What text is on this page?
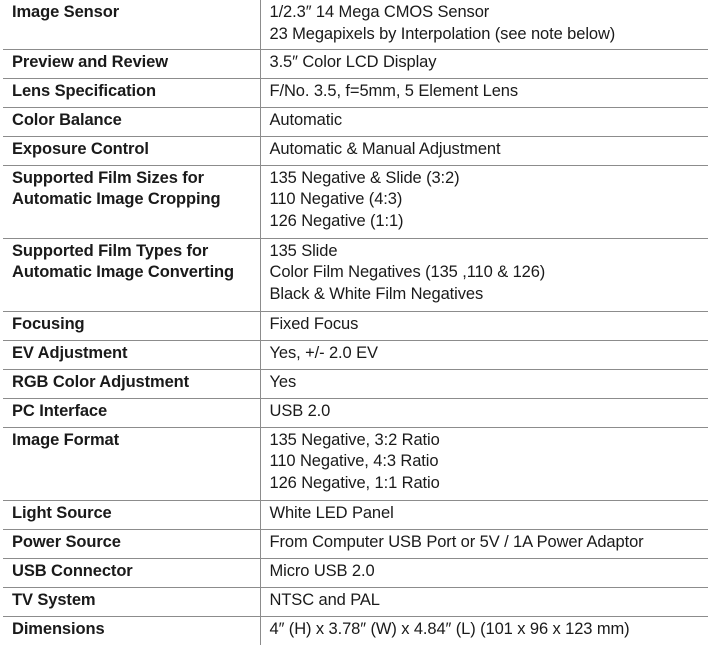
Image Sensor	1/2.3″ 14 Mega CMOS Sensor
23 Megapixels by Interpolation (see note below)

Preview and Review	3.5″ Color LCD Display

Lens Specification	F/No. 3.5, f=5mm, 5 Element Lens

Color Balance	Automatic

Exposure Control	Automatic & Manual Adjustment

Supported Film Sizes for
Automatic Image Cropping	135 Negative & Slide (3:2)
110 Negative (4:3)
126 Negative (1:1)

Supported Film Types for
Automatic Image Converting	135 Slide
Color Film Negatives (135 ,110 & 126)
Black & White Film Negatives

Focusing	Fixed Focus

EV Adjustment	Yes, +/- 2.0 EV

RGB Color Adjustment	Yes

PC Interface	USB 2.0

Image Format	135 Negative, 3:2 Ratio
110 Negative, 4:3 Ratio
126 Negative, 1:1 Ratio

Light Source	White LED Panel

Power Source	From Computer USB Port or 5V / 1A Power Adaptor

USB Connector	Micro USB 2.0

TV System	NTSC and PAL

Dimensions	4″ (H) x 3.78″ (W) x 4.84″ (L) (101 x 96 x 123 mm)
